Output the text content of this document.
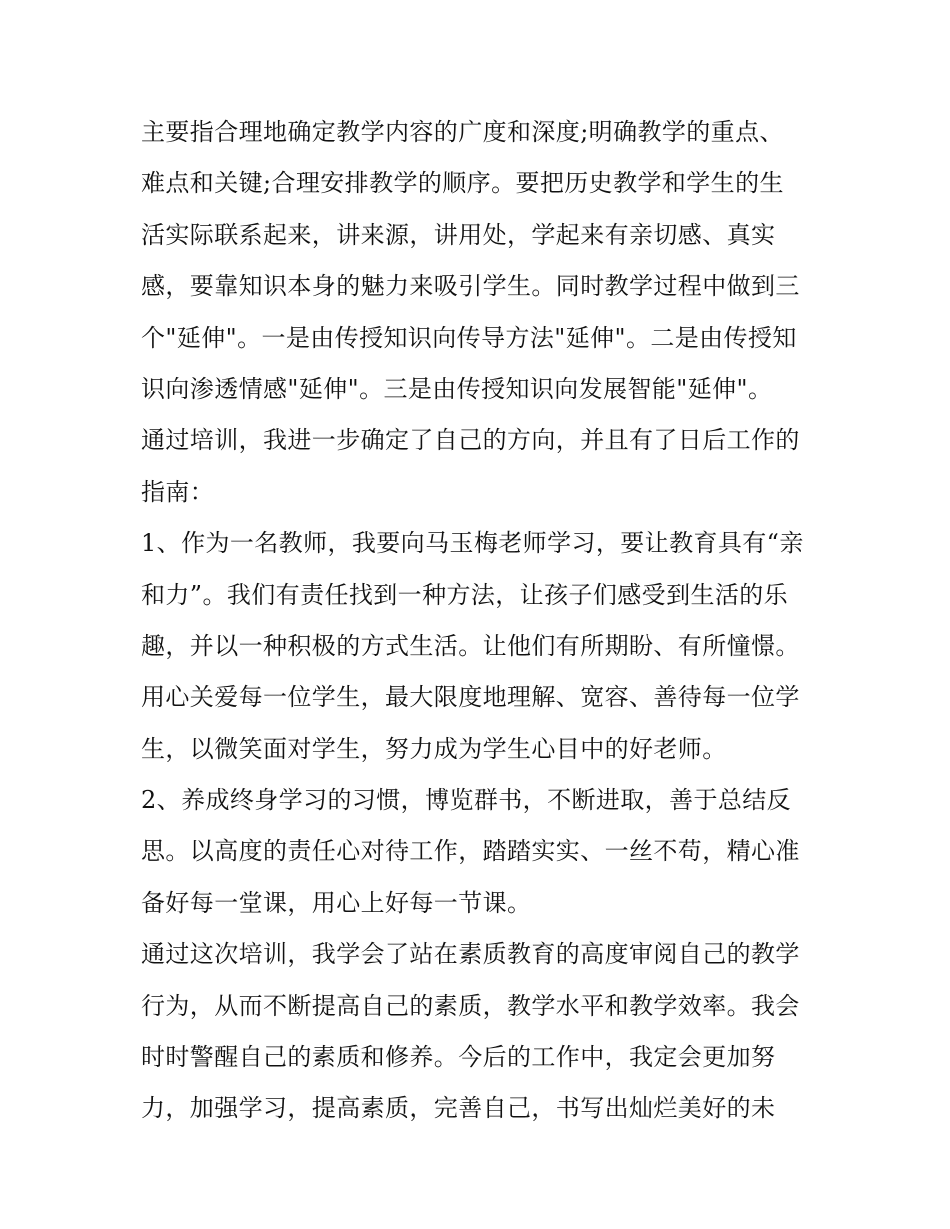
主要指合理地确定教学内容的广度和深度;明确教学的重点、
难点和关键;合理安排教学的顺序。要把历史教学和学生的生
活实际联系起来，讲来源，讲用处，学起来有亲切感、真实
感，要靠知识本身的魅力来吸引学生。同时教学过程中做到三
个"延伸"。一是由传授知识向传导方法"延伸"。二是由传授知
识向渗透情感"延伸"。三是由传授知识向发展智能"延伸"。
通过培训，我进一步确定了自己的方向，并且有了日后工作的
指南：
1、作为一名教师，我要向马玉梅老师学习，要让教育具有“亲
和力”。我们有责任找到一种方法，让孩子们感受到生活的乐
趣，并以一种积极的方式生活。让他们有所期盼、有所憧憬。
用心关爱每一位学生，最大限度地理解、宽容、善待每一位学
生，以微笑面对学生，努力成为学生心目中的好老师。
2、养成终身学习的习惯，博览群书，不断进取，善于总结反
思。以高度的责任心对待工作，踏踏实实、一丝不苟，精心准
备好每一堂课，用心上好每一节课。
通过这次培训，我学会了站在素质教育的高度审阅自己的教学
行为，从而不断提高自己的素质，教学水平和教学效率。我会
时时警醒自己的素质和修养。今后的工作中，我定会更加努
力，加强学习，提高素质，完善自己，书写出灿烂美好的未
